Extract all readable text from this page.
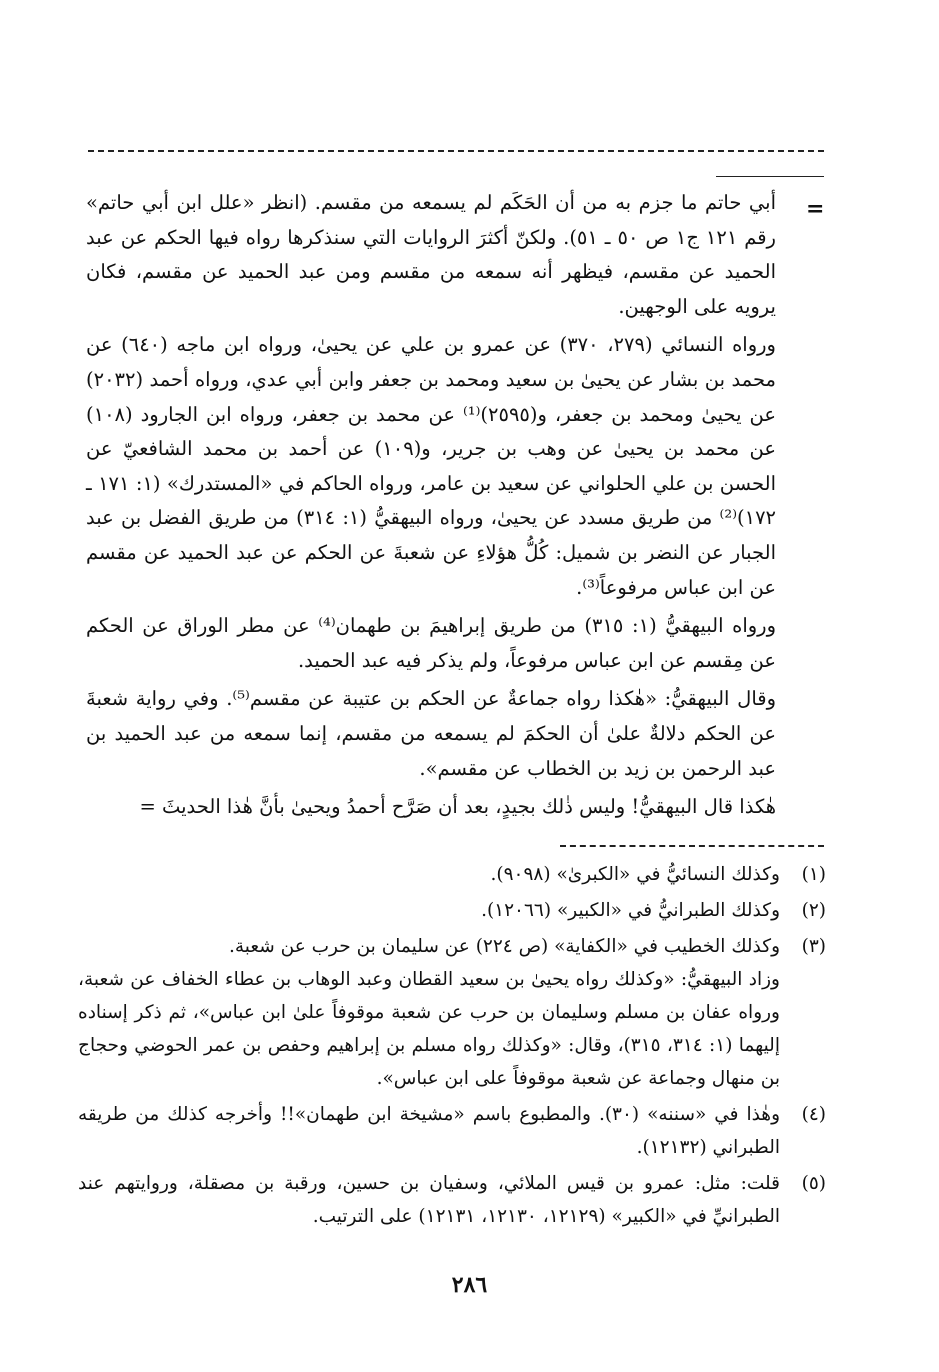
=

أبي حاتم ما جزم به من أن الحَكَم لم يسمعه من مقسم. (انظر «علل ابن أبي حاتم» رقم ١٢١ ج١ ص ٥٠ ـ ٥١). ولكنّ أكثرَ الروايات التي سنذكرها رواه فيها الحكم عن عبد الحميد عن مقسم، فيظهر أنه سمعه من مقسم ومن عبد الحميد عن مقسم، فكان يرويه على الوجهين.

ورواه النسائي (٢٧٩، ٣٧٠) عن عمرو بن علي عن يحيىٰ، ورواه ابن ماجه (٦٤٠) عن محمد بن بشار عن يحيىٰ بن سعيد ومحمد بن جعفر وابن أبي عدي، ورواه أحمد (٢٠٣٢) عن يحيىٰ ومحمد بن جعفر، و(٢٥٩٥)⁽¹⁾ عن محمد بن جعفر، ورواه ابن الجارود (١٠٨) عن محمد بن يحيىٰ عن وهب بن جرير، و(١٠٩) عن أحمد بن محمد الشافعيّ عن الحسن بن علي الحلواني عن سعيد بن عامر، ورواه الحاكم في «المستدرك» (١: ١٧١ ـ ١٧٢)⁽²⁾ من طريق مسدد عن يحيىٰ، ورواه البيهقيُّ (١: ٣١٤) من طريق الفضل بن عبد الجبار عن النضر بن شميل: كُلُّ هؤلاءِ عن شعبةَ عن الحكم عن عبد الحميد عن مقسم عن ابن عباس مرفوعاً⁽³⁾.

ورواه البيهقيُّ (١: ٣١٥) من طريق إبراهيمَ بن طهمان⁽⁴⁾ عن مطر الوراق عن الحكم عن مِقسم عن ابن عباس مرفوعاً، ولم يذكر فيه عبد الحميد.

وقال البيهقيُّ: «هٰكذا رواه جماعةٌ عن الحكم بن عتيبة عن مقسم⁽⁵⁾. وفي رواية شعبةَ عن الحكم دلالةٌ علىٰ أن الحكمَ لم يسمعه من مقسم، إنما سمعه من عبد الحميد بن عبد الرحمن بن زيد بن الخطاب عن مقسم».

هٰكذا قال البيهقيُّ! وليس ذٰلك بجيدٍ، بعد أن صَرَّح أحمدُ ويحيىٰ بأنَّ هٰذا الحديثَ =

(١)

وكذلك النسائيُّ في «الكبرىٰ» (٩٠٩٨).

(٢)

وكذلك الطبرانيُّ في «الكبير» (١٢٠٦٦).

(٣)

وكذلك الخطيب في «الكفاية» (ص ٢٢٤) عن سليمان بن حرب عن شعبة.

وزاد البيهقيُّ: «وكذلك رواه يحيىٰ بن سعيد القطان وعبد الوهاب بن عطاء الخفاف عن شعبة، ورواه عفان بن مسلم وسليمان بن حرب عن شعبة موقوفاً علىٰ ابن عباس»، ثم ذكر إسناده إليهما (١: ٣١٤، ٣١٥)، وقال: «وكذلك رواه مسلم بن إبراهيم وحفص بن عمر الحوضي وحجاج بن منهال وجماعة عن شعبة موقوفاً على ابن عباس».

(٤)

وهٰذا في «سننه» (٣٠). والمطبوع باسم «مشيخة ابن طهمان»!! وأخرجه كذلك من طريقه الطبراني (١٢١٣٢).

(٥)

قلت: مثل: عمرو بن قيس الملائي، وسفيان بن حسين، ورقبة بن مصقلة، وروايتهم عند الطبرانيِّ في «الكبير» (١٢١٢٩، ١٢١٣٠، ١٢١٣١) على الترتيب.

٢٨٦
